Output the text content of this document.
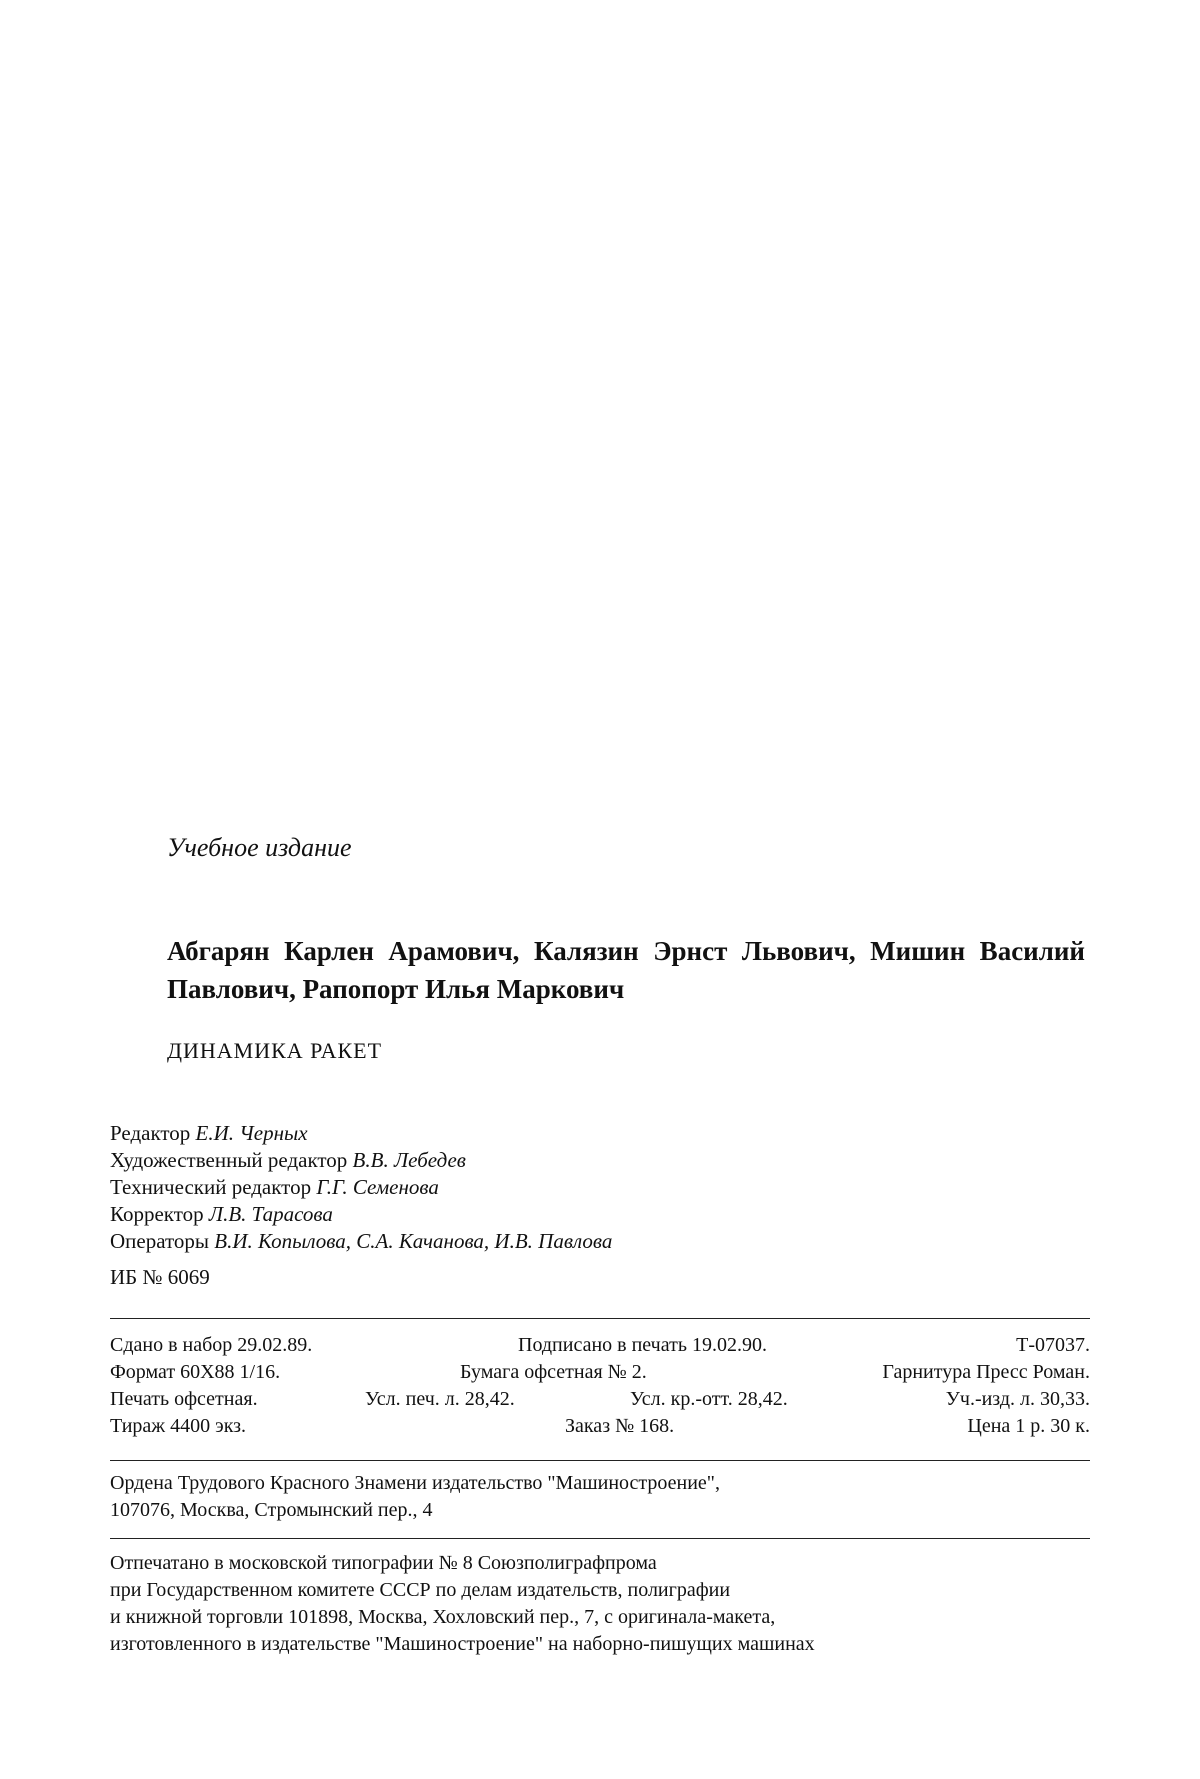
Учебное издание
Абгарян Карлен Арамович, Калязин Эрнст Львович, Мишин Василий Павлович, Рапопорт Илья Маркович
ДИНАМИКА РАКЕТ
Редактор Е.И. Черных
Художественный редактор В.В. Лебедев
Технический редактор Г.Г. Семенова
Корректор Л.В. Тарасова
Операторы В.И. Копылова, С.А. Качанова, И.В. Павлова
ИБ № 6069
Сдано в набор 29.02.89.	Подписано в печать 19.02.90.	Т-07037.
Формат 60Х88 1/16.	Бумага офсетная № 2.	Гарнитура Пресс Роман.
Печать офсетная.	Усл. печ. л. 28,42.	Усл. кр.-отт. 28,42.	Уч.-изд. л. 30,33.
Тираж 4400 экз.	Заказ № 168.	Цена 1 р. 30 к.
Ордена Трудового Красного Знамени издательство "Машиностроение",
107076, Москва, Стромынский пер., 4
Отпечатано в московской типографии № 8 Союзполиграфпрома
при Государственном комитете СССР по делам издательств, полиграфии
и книжной торговли 101898, Москва, Хохловский пер., 7, с оригинала-макета,
изготовленного в издательстве "Машиностроение" на наборно-пишущих машинах
